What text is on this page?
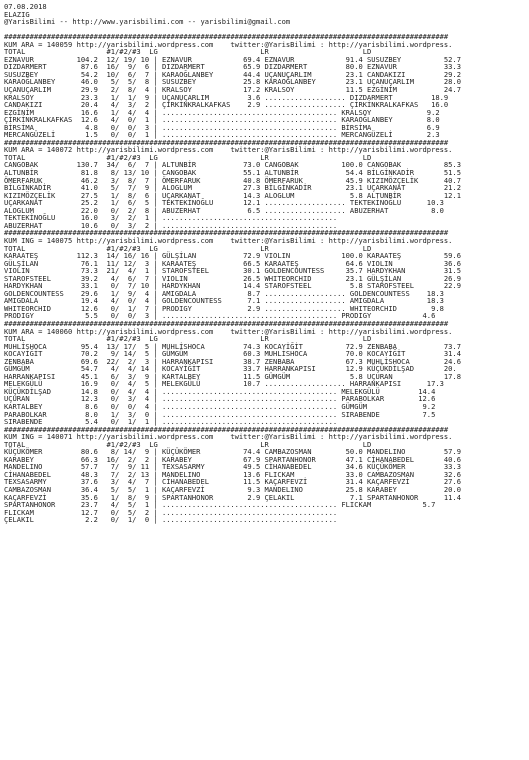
07.08.2018
ELAZIG
@YarisBilimi -- http://www.yarisbilimi.com -- yarisbilimi@gmail.com

########################################################################################################
KUM ARA = 140059 http://yarisbilimi.wordpress.com    twitter:@YarisBilimi : http://yarisbilimi.wordpress.
TOTAL                   #1/#2/#3  LG                        LR                      LD
EZNAVUR          104.2  12/ 19/ 10 | EZNAVUR            69.4 EZNAVUR            91.4 SUSUZBEY          52.7
DIZDARMERT        87.6  16/  9/  6 | DIZDARMERT         65.9 DIZDARMERT         80.0 EZNAVUR           33.3
SUSUZBEY          54.2  10/  6/  7 | KARAOĞLANBEY       44.4 UÇANUÇARLIM        23.1 CANDAKIZI         29.2
KARAOĞLANBEY      46.0   5/  5/  8 | SUSUZBEY           25.8 KARAOĞLANBEY       23.1 UÇANUÇARLIM       28.0
UÇANUÇARLIM       29.9   2/  8/  4 | KRALSOY            17.2 KRALSOY            11.5 EZGİNİM           24.7
KRALSOY           23.3   1/  1/  9 | UÇANUÇARLIM         3.6 ................... DIZDARMERT         18.9
CANDAKIZI         20.4   4/  3/  2 | ÇİRKİNKRALKAFKAS    2.9 ................... ÇİRKİNKRALKAFKAS   16.0
EZGİNİM           16.6   1/  4/  4 | ......................................... KRALSOY             9.2
ÇİRKİNKRALKAFKAS  12.6   4/  0/  1 | ......................................... KARAOĞLANBEY        8.0
BİRSİMA            4.8   0/  0/  3 | ......................................... BİRSİMA             6.9
MERCANGÜZELİ       1.5   0/  0/  1 | ......................................... MERCANGÜZELİ        2.3
########################################################################################################
KUM ARA = 140072 http://yarisbilimi.wordpress.com    twitter:@YarisBilimi : http://yarisbilimi.wordpress.
TOTAL                   #1/#2/#3  LG                        LR                      LD
CANGOBAK         130.7  34/  6/  7 | ALTUNBİR           73.0 CANGOBAK          100.0 CANGOBAK          85.3
ALTUNBİR          81.8   8/ 13/ 10 | CANGOBAK           55.1 ALTUNBİR           54.4 BİLGİNKADİR       51.5
ÖMERFARUK         46.2   3/  8/  7 | ÖMERFARUK          40.8 ÖMERFARUK          45.9 KIZIMÖZÇELİK      40.7
BİLGİNKADİR       41.0   5/  7/  9 | ALOGLUM            27.3 BİLGİNKADİR        23.1 UÇARKANAT         21.2
KIZIMÖZÇELİK      27.5   1/  8/  6 | UÇARKANAT          14.3 ALOGLUM             5.8 ALTUNBİR          12.1
UÇARKANAT         25.2   1/  6/  5 | TEKTEKİNOĞLU       12.1 ................... TEKTEKİNOĞLU      10.3
ALOGLUM           22.0   0/  2/  8 | ABUZERHAT           6.5 ................... ABUZERHAT          8.0
TEKTEKİNOĞLU      16.0   3/  2/  1 | .........................................
ABUZERHAT         10.6   0/  3/  2 | .........................................
########################################################################################################
KUM ING = 140075 http://yarisbilimi.wordpress.com    twitter:@YarisBilimi : http://yarisbilimi.wordpress.
TOTAL                   #1/#2/#3  LG                        LR                      LD
KARAATEŞ         112.3  14/ 16/ 16 | GÜLŞİLAN           72.9 VIOLIN            100.0 KARAATEŞ          59.6
GÜLŞİLAN          76.1  11/ 12/  3 | KARAATEŞ           66.5 KARAATEŞ           64.6 VIOLIN            36.6
VIOLIN            73.3  21/  4/  1 | STAROFSTEEL        30.1 GOLDENCOUNTESS     35.7 HARDYKHAN         31.5
STAROFSTEEL       39.2   4/  6/  7 | VIOLIN             26.5 WHITEORCHID        23.1 GÜLŞİLAN          26.9
HARDYKHAN         33.1   0/  7/ 10 | HARDYKHAN          14.4 STAROFSTEEL         5.8 STAROFSTEEL       22.9
GOLDENCOUNTESS    29.6   1/  9/  4 | AMIGDALA            8.7 ................... GOLDENCOUNTESS    18.3
AMIGDALA          19.4   4/  0/  4 | GOLDENCOUNTESS      7.1 ................... AMIGDALA          18.3
WHITEORCHID       12.6   0/  1/  7 | PRODIGY             2.9 ................... WHITEORCHID        9.8
PRODIGY            5.5   0/  0/  3 | ......................................... PRODIGY            4.6
########################################################################################################
KUM ARA = 140060 http://yarisbilimi.wordpress.com    twitter:@YarisBilimi : http://yarisbilimi.wordpress.
TOTAL                   #1/#2/#3  LG                        LR                      LD
MUHLİSHOCA        95.4  13/ 17/  5 | MUHLİSHOCA         74.3 KOCAYİĞİT          72.9 ZENBABA           73.7
KOCAYİĞİT         70.2   9/ 14/  5 | GÜMGÜM             60.3 MUHLİSHOCA         70.0 KOCAYİĞİT         31.4
ZENBABA           69.6  22/  2/  3 | HARRANKAPISI       38.7 ZENBABA            67.3 MUHLİSHOCA        24.6
GÜMGÜM            54.7   4/  4/ 14 | KOCAYİĞİT          33.7 HARRANKAPISI       12.9 KÜÇÜKDİLŞAD       20.
HARRANKAPISI      45.1   6/  3/  9 | KARTALBEY          11.5 GÜMGÜM              5.8 UÇURAN            17.8
MELEKGÜLÜ         16.9   0/  4/  5 | MELEKGÜLÜ          10.7 ................... HARRANKAPISI      17.3
KÜÇÜKDİLŞAD       14.8   0/  4/  4 | ......................................... MELEKGÜLÜ         14.4
UÇURAN            12.3   0/  3/  4 | ......................................... PARABOLKAR        12.6
KARTALBEY          8.6   0/  0/  4 | ......................................... GÜMGÜM             9.2
PARABOLKAR         8.0   1/  3/  0 | ......................................... SIRABENDE          7.5
SIRABENDE          5.4   0/  1/  1 | .........................................
########################################################################################################
KUM ING = 140071 http://yarisbilimi.wordpress.com    twitter:@YarisBilimi : http://yarisbilimi.wordpress.
TOTAL                   #1/#2/#3  LG                        LR                      LD
KÜÇÜKÖMER         80.6   8/ 14/  9 | KÜÇÜKÖMER          74.4 CAMBAZOSMAN        50.0 MANDELINO         57.9
KARABEY           66.3  16/  2/  2 | KARABEY            67.9 SPARTANHONOR       47.1 CİHANABEDEL       40.6
MANDELINO         57.7   7/  9/ 11 | TEXSASARMY         49.5 CİHANABEDEL        34.6 KÜÇÜKÖMER         33.3
CİHANABEDEL       48.3   7/  2/ 13 | MANDELINO          13.6 FLICKAM            33.0 CAMBAZOSMAN       32.6
TEXSASARMY        37.6   3/  4/  7 | CİHANABEDEL        11.5 KAÇARFEVZİ         31.4 KAÇARFEVZİ        27.6
CAMBAZOSMAN       36.4   5/  5/  1 | KAÇARFEVZİ          9.3 MANDELINO          25.8 KARABEY           20.0
KAÇARFEVZİ        35.6   1/  8/  9 | SPARTANHONOR        2.9 ÇELAKIL             7.1 SPARTANHONOR      11.4
SPARTANHONOR      23.7   4/  5/  1 | ......................................... FLICKAM            5.7
FLICKAM           12.7   0/  5/  2 | .........................................
ÇELAKIL            2.2   0/  1/  0 | .........................................
